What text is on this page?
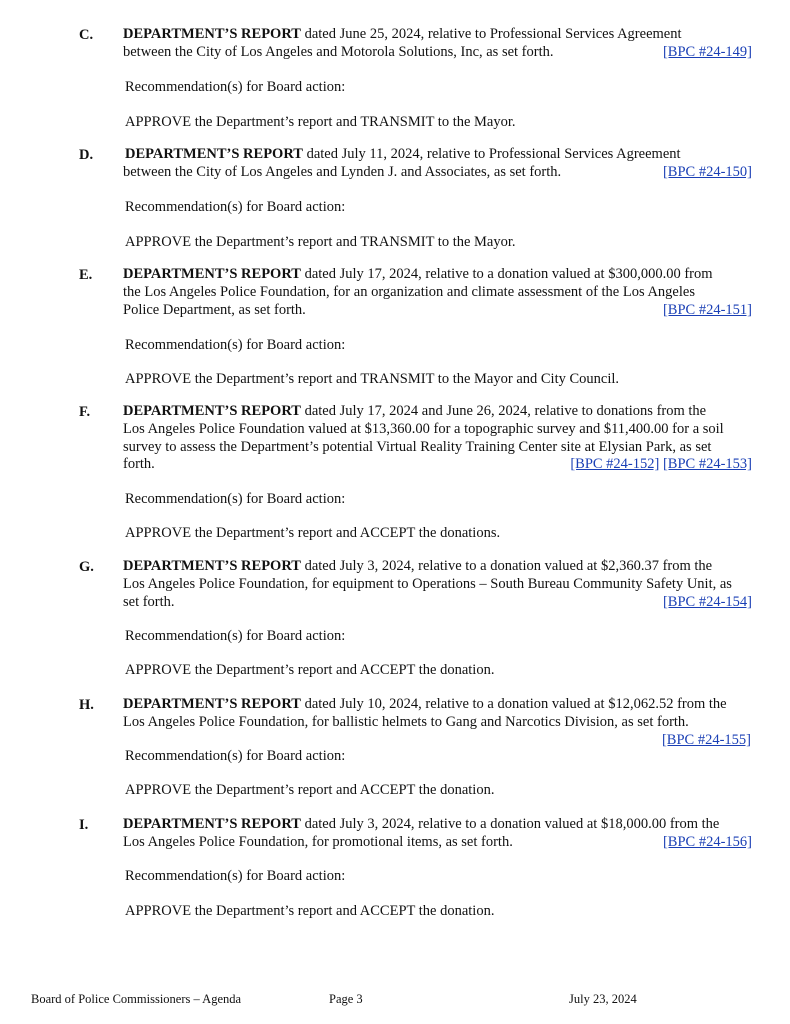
C. DEPARTMENT’S REPORT dated June 25, 2024, relative to Professional Services Agreement
between the City of Los Angeles and Motorola Solutions, Inc, as set forth.	[BPC #24-149]
Recommendation(s) for Board action:
APPROVE the Department’s report and TRANSMIT to the Mayor.
D. DEPARTMENT’S REPORT dated July 11, 2024, relative to Professional Services Agreement
between the City of Los Angeles and Lynden J. and Associates, as set forth.	[BPC #24-150]
Recommendation(s) for Board action:
APPROVE the Department’s report and TRANSMIT to the Mayor.
E. DEPARTMENT’S REPORT dated July 17, 2024, relative to a donation valued at $300,000.00 from
the Los Angeles Police Foundation, for an organization and climate assessment of the Los Angeles
Police Department, as set forth.	[BPC #24-151]
Recommendation(s) for Board action:
APPROVE the Department’s report and TRANSMIT to the Mayor and City Council.
F. DEPARTMENT’S REPORT dated July 17, 2024 and June 26, 2024, relative to donations from the
Los Angeles Police Foundation valued at $13,360.00 for a topographic survey and $11,400.00 for a soil
survey to assess the Department’s potential Virtual Reality Training Center site at Elysian Park, as set
forth.	[BPC #24-152] [BPC #24-153]
Recommendation(s) for Board action:
APPROVE the Department’s report and ACCEPT the donations.
G. DEPARTMENT’S REPORT dated July 3, 2024, relative to a donation valued at $2,360.37 from the
Los Angeles Police Foundation, for equipment to Operations – South Bureau Community Safety Unit, as
set forth.	[BPC #24-154]
Recommendation(s) for Board action:
APPROVE the Department’s report and ACCEPT the donation.
H. DEPARTMENT’S REPORT dated July 10, 2024, relative to a donation valued at $12,062.52 from the
Los Angeles Police Foundation, for ballistic helmets to Gang and Narcotics Division, as set forth.
[BPC #24-155]
Recommendation(s) for Board action:
APPROVE the Department’s report and ACCEPT the donation.
I. DEPARTMENT’S REPORT dated July 3, 2024, relative to a donation valued at $18,000.00 from the
Los Angeles Police Foundation, for promotional items, as set forth.	[BPC #24-156]
Recommendation(s) for Board action:
APPROVE the Department’s report and ACCEPT the donation.
Board of Police Commissioners – Agenda	Page 3	July 23, 2024
